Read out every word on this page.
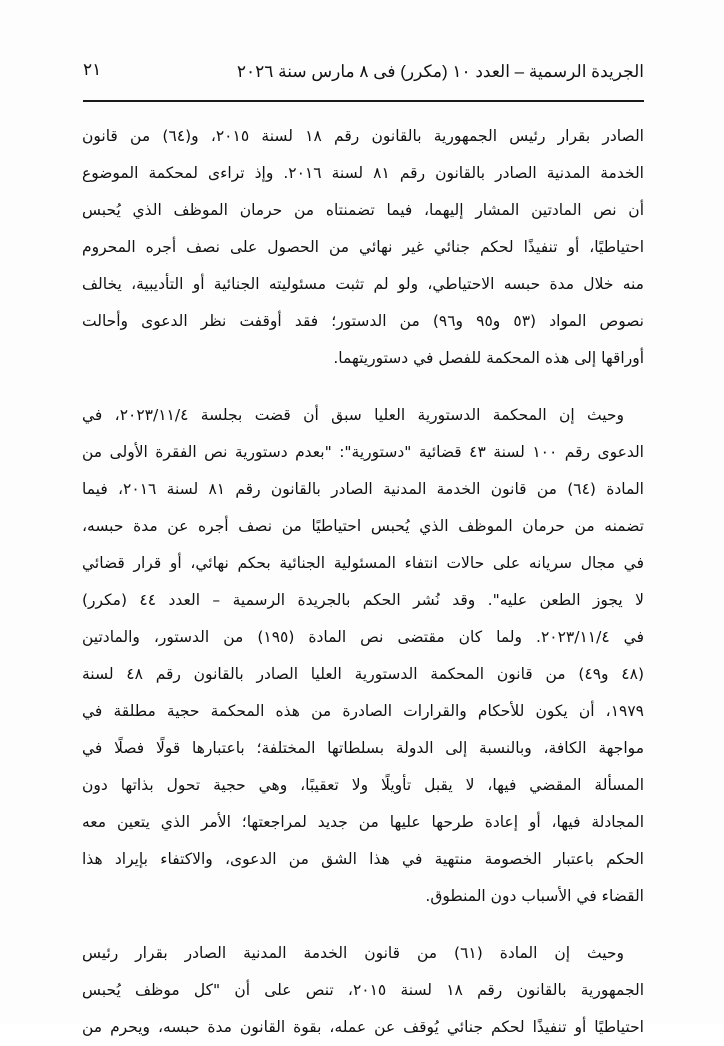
الجريدة الرسمية – العدد ١٠ (مكرر) فى ٨ مارس سنة ٢٠٢٦
٢١
الصادر بقرار رئيس الجمهورية بالقانون رقم ١٨ لسنة ٢٠١٥، و(٦٤) من قانون
الخدمة المدنية الصادر بالقانون رقم ٨١ لسنة ٢٠١٦. وإذ تراءى لمحكمة الموضوع
أن نص المادتين المشار إليهما، فيما تضمنتاه من حرمان الموظف الذي يُحبس
احتياطيًا، أو تنفيذًا لحكم جنائي غير نهائي من الحصول على نصف أجره المحروم
منه خلال مدة حبسه الاحتياطي، ولو لم تثبت مسئوليته الجنائية أو التأديبية، يخالف
نصوص المواد (٥٣ و٩٥ و٩٦) من الدستور؛ فقد أوقفت نظر الدعوى وأحالت
أوراقها إلى هذه المحكمة للفصل في دستوريتهما.
وحيث إن المحكمة الدستورية العليا سبق أن قضت بجلسة ٢٠٢٣/١١/٤، في
الدعوى رقم ١٠٠ لسنة ٤٣ قضائية "دستورية": "بعدم دستورية نص الفقرة الأولى من
المادة (٦٤) من قانون الخدمة المدنية الصادر بالقانون رقم ٨١ لسنة ٢٠١٦، فيما
تضمنه من حرمان الموظف الذي يُحبس احتياطيًا من نصف أجره عن مدة حبسه،
في مجال سريانه على حالات انتفاء المسئولية الجنائية بحكم نهائي، أو قرار قضائي
لا يجوز الطعن عليه". وقد نُشر الحكم بالجريدة الرسمية – العدد ٤٤ (مكرر)
في ٢٠٢٣/١١/٤. ولما كان مقتضى نص المادة (١٩٥) من الدستور، والمادتين
(٤٨ و٤٩) من قانون المحكمة الدستورية العليا الصادر بالقانون رقم ٤٨ لسنة
١٩٧٩، أن يكون للأحكام والقرارات الصادرة من هذه المحكمة حجية مطلقة في
مواجهة الكافة، وبالنسبة إلى الدولة بسلطاتها المختلفة؛ باعتبارها قولًا فصلًا في
المسألة المقضي فيها، لا يقبل تأويلًا ولا تعقيبًا، وهي حجية تحول بذاتها دون
المجادلة فيها، أو إعادة طرحها عليها من جديد لمراجعتها؛ الأمر الذي يتعين معه
الحكم باعتبار الخصومة منتهية في هذا الشق من الدعوى، والاكتفاء بإيراد هذا
القضاء في الأسباب دون المنطوق.
وحيث إن المادة (٦١) من قانون الخدمة المدنية الصادر بقرار رئيس
الجمهورية بالقانون رقم ١٨ لسنة ٢٠١٥، تنص على أن "كل موظف يُحبس
احتياطيًا أو تنفيذًا لحكم جنائي يُوقف عن عمله، بقوة القانون مدة حبسه، ويحرم من
